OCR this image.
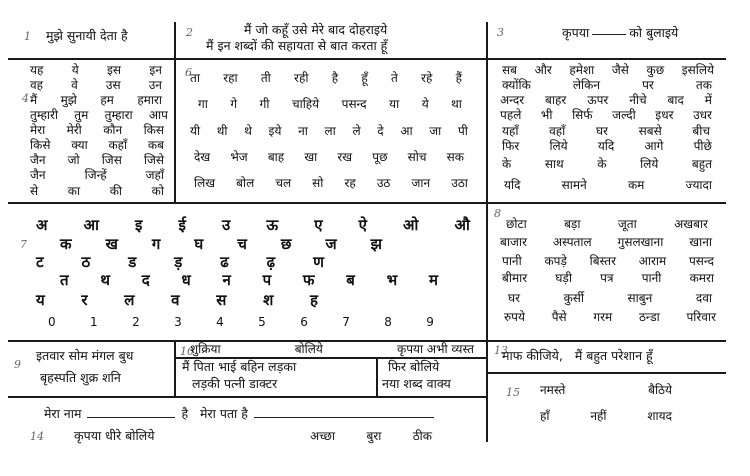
1	2	3
4
6
7
8
9
10	13
14
15
मुझे सुनायी देता है
यह ये इस इन
वह वे उस उन
मैं मुझे हम हमारा
तुम्हारी तुम तुम्हारा आप
मेरा मेरी कौन किस
किसे क्या कहाँ कब
जैन जो जिस जिसे
जैन	जिन्हें	जहाँ
से का की को
मैं जो कहूँ उसे मेरे बाद दोहराइये
मैं इन शब्दों की सहायता से बात करता हूँ
ता रहा ती रही है हूँ ते रहे हैं
गा गे गी चाहिये पसन्द या ये था
यी थी थे इये ना ला ले दे आ जा पी
देख भेज बाह खा रख पूछ सोच सक
लिख बोल चल सो रह उठ जान उठा
कृपया	को बुलाइये
सब और हमेशा जैसे कुछ इसलिये
क्योंकि	लेकिन	पर	तक
अन्दर बाहर ऊपर नीचे बाद में
पहले भी सिर्फ जल्दी इधर उधर
यहाँ	वहाँ	घर	सबसे	बीच
फिर	लिये	यदि	आगे	पीछे
के	साथ	के	लिये	बहुत
यदि	सामने	कम	ज्यादा
अ आ इ ई उ ऊ ए ऐ ओ औ
क ख ग घ च छ ज झ
ट	ठ	ड	ड़	ढ	ढ़	ण
त थ द ध न प फ ब भ म
य र ल व स श ह
0	1	2	3	4	5	6	7	8	9
छोटा	बड़ा	जूता	अखबार
बाजार अस्पताल गुसलखाना खाना
पानी कपड़े बिस्तर आराम पसन्द
बीमार घड़ी पत्र पानी कमरा
घर	कुर्सी	साबुन	दवा
रुपये पैसे गरम ठन्डा परिवार
इतवार सोम मंगल बुध
बृहस्पति शुक्र शनि
शुक्रिया	बोलिये	कृपया अभी व्यस्त
मैं पिता भाई बहिन लड़का
लड़की पत्नी डाक्टर
फिर बोलिये
नया शब्द वाक्य
माफ कीजिये,   मैं बहुत परेशान हूँ
मेरा नाम	है मेरा पता है
कृपया धीरे बोलिये	अच्छा	बुरा	ठीक
नमस्ते	बैठिये
हाँ	नहीं	शायद
